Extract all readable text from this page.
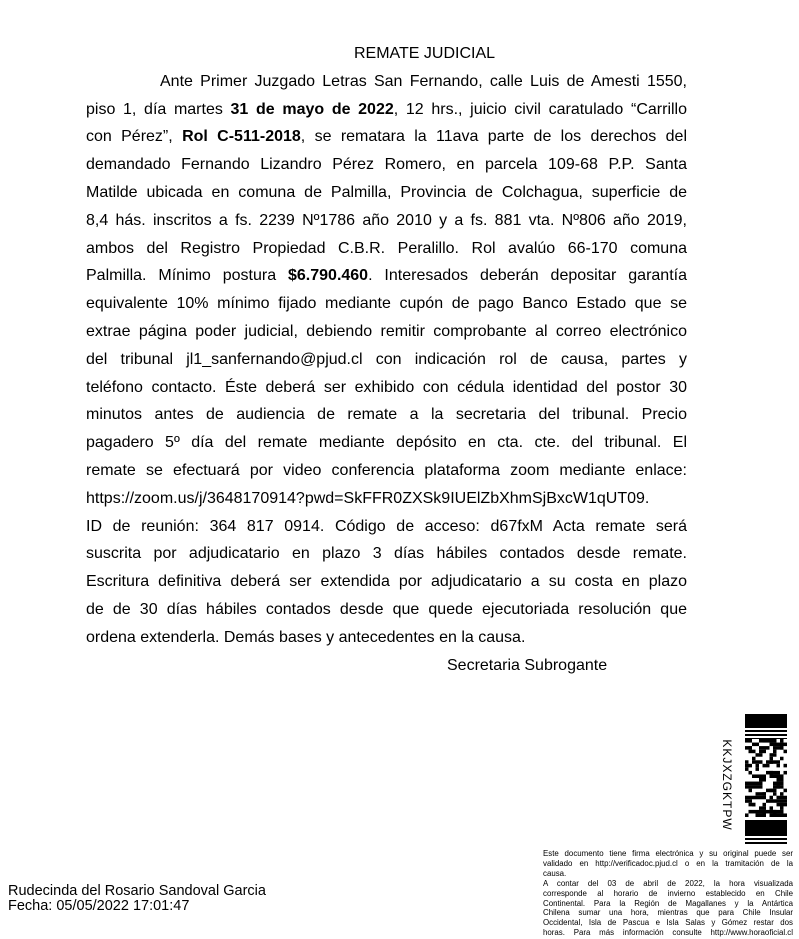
REMATE JUDICIAL
Ante Primer Juzgado Letras San Fernando, calle Luis de Amesti 1550,
piso 1, día martes 31 de mayo de 2022, 12 hrs., juicio civil caratulado “Carrillo
con Pérez”, Rol C-511-2018, se rematara la 11ava parte de los derechos del
demandado Fernando Lizandro Pérez Romero, en parcela 109-68 P.P. Santa
Matilde ubicada en comuna de Palmilla, Provincia de Colchagua, superficie de
8,4 hás. inscritos a fs. 2239 Nº1786 año 2010 y a fs. 881 vta. Nº806 año 2019,
ambos del Registro Propiedad C.B.R. Peralillo. Rol avalúo 66-170 comuna
Palmilla. Mínimo postura $6.790.460. Interesados deberán depositar garantía
equivalente 10% mínimo fijado mediante cupón de pago Banco Estado que se
extrae página poder judicial, debiendo remitir comprobante al correo electrónico
del tribunal jl1_sanfernando@pjud.cl con indicación rol de causa, partes y
teléfono contacto. Éste deberá ser exhibido con cédula identidad del postor 30
minutos antes de audiencia de remate a la secretaria del tribunal. Precio
pagadero 5º día del remate mediante depósito en cta. cte. del tribunal. El
remate se efectuará por video conferencia plataforma zoom mediante enlace:
https://zoom.us/j/3648170914?pwd=SkFFR0ZXSk9IUElZbXhmSjBxcW1qUT09.
ID de reunión: 364 817 0914. Código de acceso: d67fxM Acta remate será
suscrita por adjudicatario en plazo 3 días hábiles contados desde remate.
Escritura definitiva deberá ser extendida por adjudicatario a su costa en plazo
de de 30 días hábiles contados desde que quede ejecutoriada resolución que
ordena extenderla. Demás bases y antecedentes en la causa.
Secretaria Subrogante
KKJXZGKTPW
Este documento tiene firma electrónica y su original puede ser
validado en http://verificadoc.pjud.cl o en la tramitación de la
causa.
A contar del 03 de abril de 2022, la hora visualizada
corresponde al horario de invierno establecido en Chile
Continental. Para la Región de Magallanes y la Antártica
Chilena sumar una hora, mientras que para Chile Insular
Occidental, Isla de Pascua e Isla Salas y Gómez restar dos
horas. Para más información consulte http://www.horaoficial.cl
Rudecinda del Rosario Sandoval Garcia
Fecha: 05/05/2022 17:01:47
